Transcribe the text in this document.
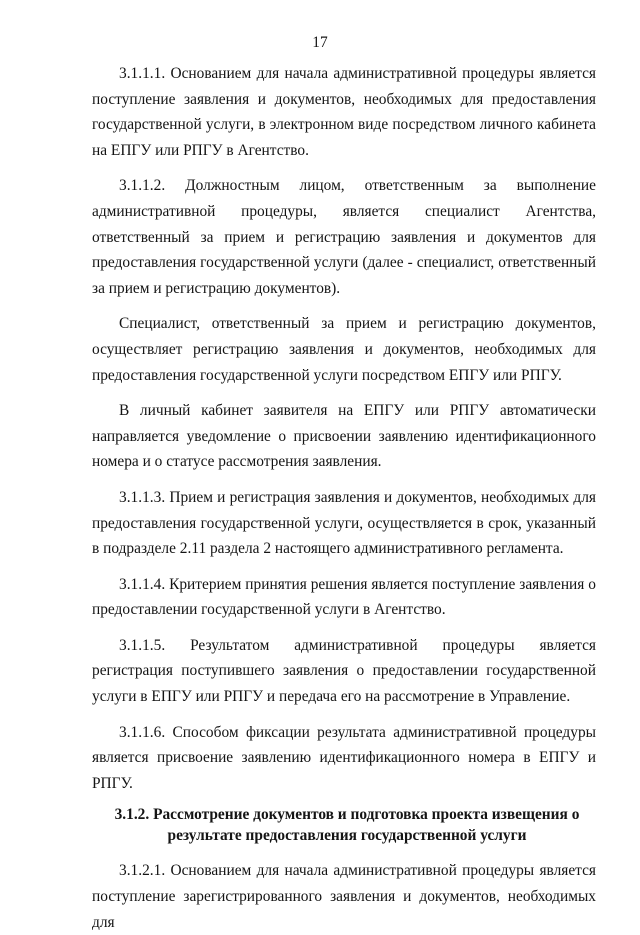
17

3.1.1.1. Основанием для начала административной процедуры является поступление заявления и документов, необходимых для предоставления государственной услуги, в электронном виде посредством личного кабинета на ЕПГУ или РПГУ в Агентство.

3.1.1.2. Должностным лицом, ответственным за выполнение административной процедуры, является специалист Агентства, ответственный за прием и регистрацию заявления и документов для предоставления государственной услуги (далее - специалист, ответственный за прием и регистрацию документов).

Специалист, ответственный за прием и регистрацию документов, осуществляет регистрацию заявления и документов, необходимых для предоставления государственной услуги посредством ЕПГУ или РПГУ.

В личный кабинет заявителя на ЕПГУ или РПГУ автоматически направляется уведомление о присвоении заявлению идентификационного номера и о статусе рассмотрения заявления.

3.1.1.3. Прием и регистрация заявления и документов, необходимых для предоставления государственной услуги, осуществляется в срок, указанный в подразделе 2.11 раздела 2 настоящего административного регламента.

3.1.1.4. Критерием принятия решения является поступление заявления о предоставлении государственной услуги в Агентство.

3.1.1.5. Результатом административной процедуры является регистрация поступившего заявления о предоставлении государственной услуги в ЕПГУ или РПГУ и передача его на рассмотрение в Управление.

3.1.1.6. Способом фиксации результата административной процедуры является присвоение заявлению идентификационного номера в ЕПГУ и РПГУ.

3.1.2. Рассмотрение документов и подготовка проекта извещения о
результате предоставления государственной услуги

3.1.2.1. Основанием для начала административной процедуры является поступление зарегистрированного заявления и документов, необходимых для
